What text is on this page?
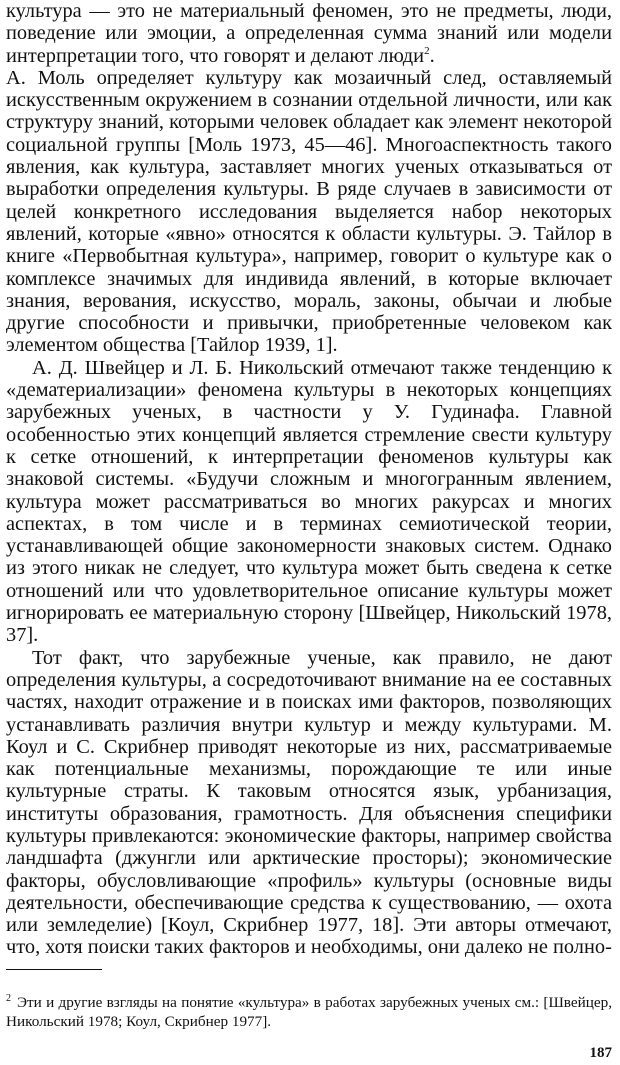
культура — это не материальный феномен, это не предметы, люди, поведение или эмоции, а определенная сумма знаний или модели интерпретации того, что говорят и делают люди$^2$.

А. Моль определяет культуру как мозаичный след, оставляемый искусственным окружением в сознании отдельной личности, или как структуру знаний, которыми человек обладает как элемент некоторой социальной группы [Моль 1973, 45—46]. Многоаспектность такого явления, как культура, заставляет многих ученых отказываться от выработки определения культуры. В ряде случаев в зависимости от целей конкретного исследования выделяется набор некоторых явлений, которые «явно» относятся к области культуры. Э. Тайлор в книге «Первобытная культура», например, говорит о культуре как о комплексе значимых для индивида явлений, в которые включает знания, верования, искусство, мораль, законы, обычаи и любые другие способности и привычки, приобретенные человеком как элементом общества [Тайлор 1939, 1].

А. Д. Швейцер и Л. Б. Никольский отмечают также тенденцию к «дематериализации» феномена культуры в некоторых концепциях зарубежных ученых, в частности у У. Гудинафа. Главной особенностью этих концепций является стремление свести культуру к сетке отношений, к интерпретации феноменов культуры как знаковой системы. «Будучи сложным и многогранным явлением, культура может рассматриваться во многих ракурсах и многих аспектах, в том числе и в терминах семиотической теории, устанавливающей общие закономерности знаковых систем. Однако из этого никак не следует, что культура может быть сведена к сетке отношений или что удовлетворительное описание культуры может игнорировать ее материальную сторону [Швейцер, Никольский 1978, 37].

Тот факт, что зарубежные ученые, как правило, не дают определения культуры, а сосредоточивают внимание на ее составных частях, находит отражение и в поисках ими факторов, позволяющих устанавливать различия внутри культур и между культурами. М. Коул и С. Скрибнер приводят некоторые из них, рассматриваемые как потенциальные механизмы, порождающие те или иные культурные страты. К таковым относятся язык, урбанизация, институты образования, грамотность. Для объяснения специфики культуры привлекаются: экономические факторы, например свойства ландшафта (джунгли или арктические просторы); экономические факторы, обусловливающие «профиль» культуры (основные виды деятельности, обеспечивающие средства к существованию, — охота или земледелие) [Коул, Скрибнер 1977, 18]. Эти авторы отмечают, что, хотя поиски таких факторов и необходимы, они далеко не полно-

$^2$ Эти и другие взгляды на понятие «культура» в работах зарубежных ученых см.: [Швейцер, Никольский 1978; Коул, Скрибнер 1977].
187
